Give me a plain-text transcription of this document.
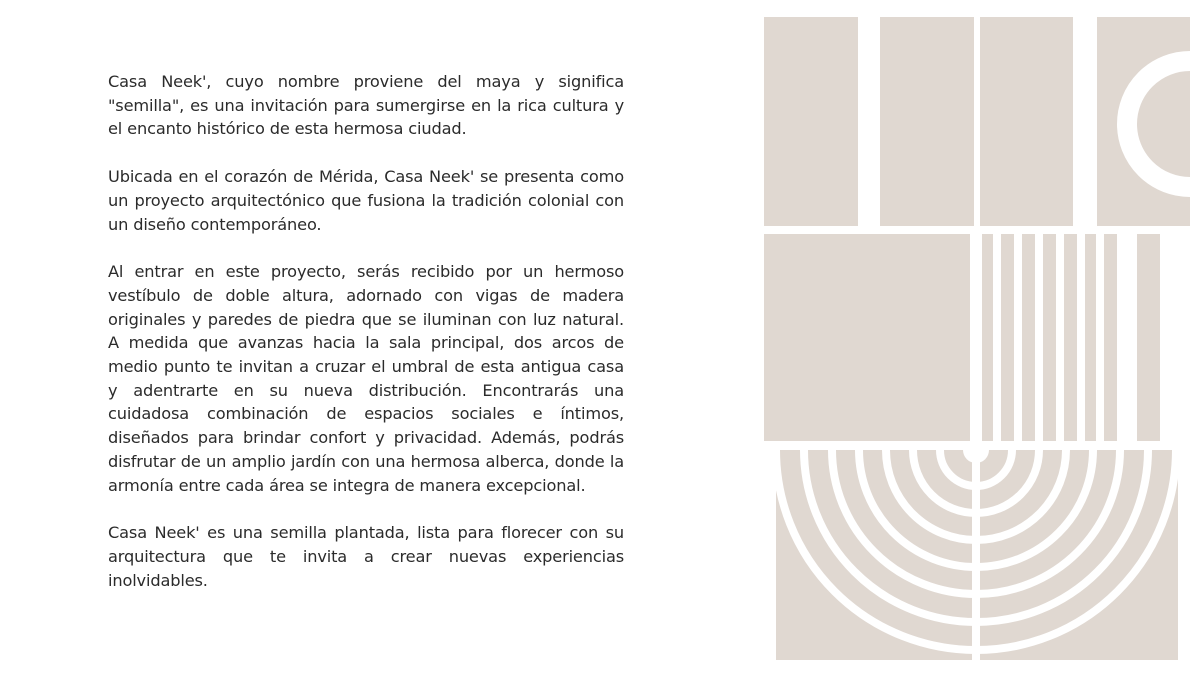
Casa Neek', cuyo nombre proviene del maya y significa "semilla", es una invitación para sumergirse en la rica cultura y el encanto histórico de esta hermosa ciudad.

Ubicada en el corazón de Mérida, Casa Neek' se presenta como un proyecto arquitectónico que fusiona la tradición colonial con un diseño contemporáneo.

Al entrar en este proyecto, serás recibido por un hermoso vestíbulo de doble altura, adornado con vigas de madera originales y paredes de piedra que se iluminan con luz natural. A medida que avanzas hacia la sala principal, dos arcos de medio punto te invitan a cruzar el umbral de esta antigua casa y adentrarte en su nueva distribución. Encontrarás una cuidadosa combinación de espacios sociales e íntimos, diseñados para brindar confort y privacidad. Además, podrás disfrutar de un amplio jardín con una hermosa alberca, donde la armonía entre cada área se integra de manera excepcional.

Casa Neek' es una semilla plantada, lista para florecer con su arquitectura que te invita a crear nuevas experiencias inolvidables.
